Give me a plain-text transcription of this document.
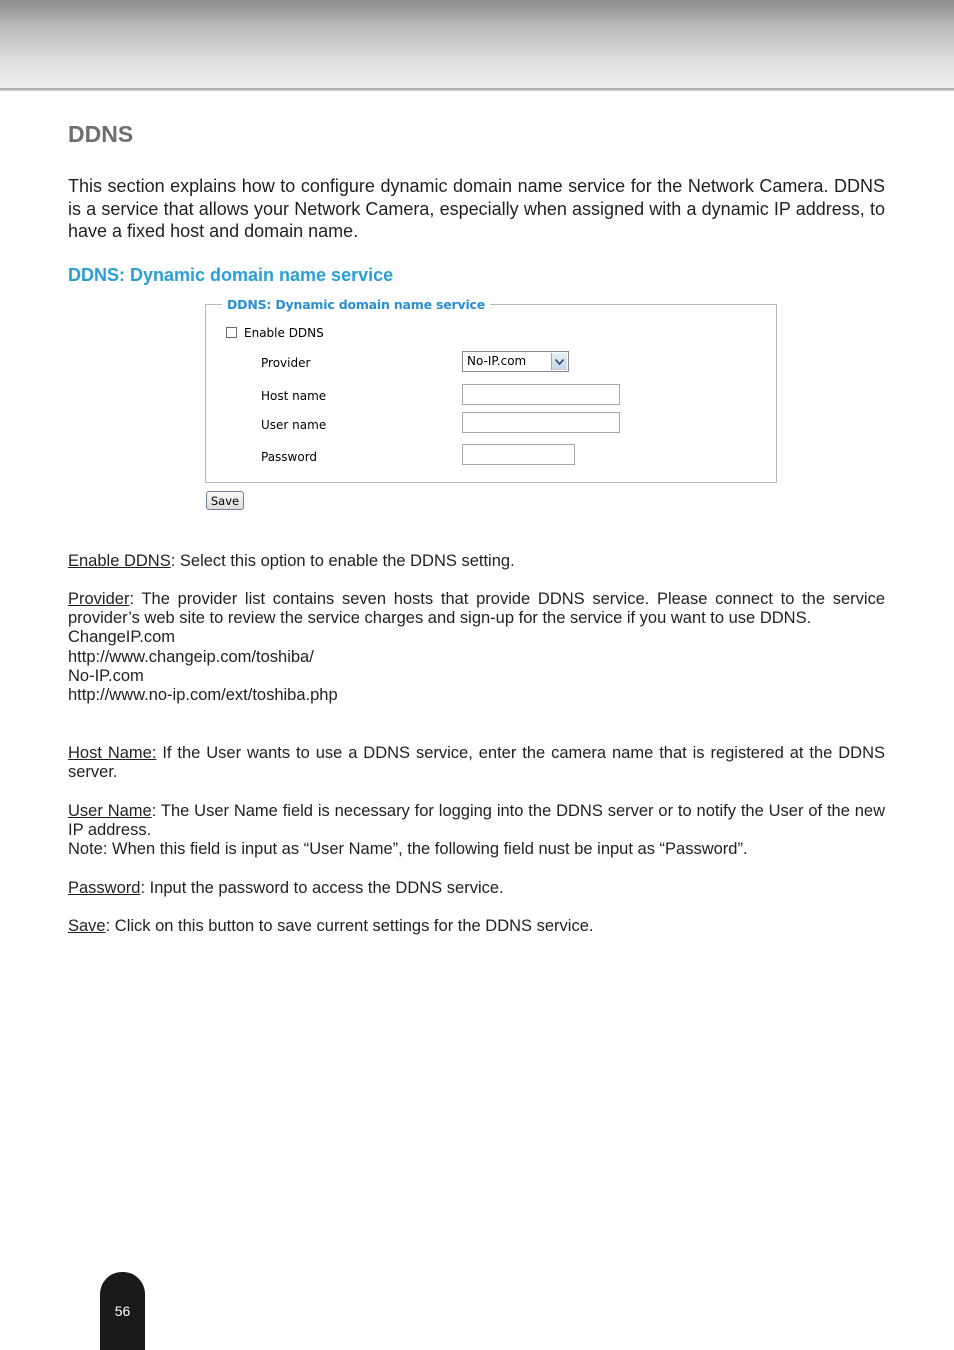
DDNS

This section explains how to configure dynamic domain name service for the Network Camera. DDNS is a service that allows your Network Camera, especially when assigned with a dynamic IP address, to have a fixed host and domain name.

DDNS: Dynamic domain name service
DDNS: Dynamic domain name service
Enable DDNS
Provider	No-IP.com
Host name
User name
Password
Save

Enable DDNS: Select this option to enable the DDNS setting.

Provider: The provider list contains seven hosts that provide DDNS service. Please connect to the service provider’s web site to review the service charges and sign-up for the service if you want to use DDNS.
ChangeIP.com
http://www.changeip.com/toshiba/
No-IP.com
http://www.no-ip.com/ext/toshiba.php

Host Name: If the User wants to use a DDNS service, enter the camera name that is registered at the DDNS server.

User Name: The User Name field is necessary for logging into the DDNS server or to notify the User of the new IP address.
Note: When this field is input as “User Name”, the following field nust be input as “Password”.

Password: Input the password to access the DDNS service.

Save: Click on this button to save current settings for the DDNS service.

56
